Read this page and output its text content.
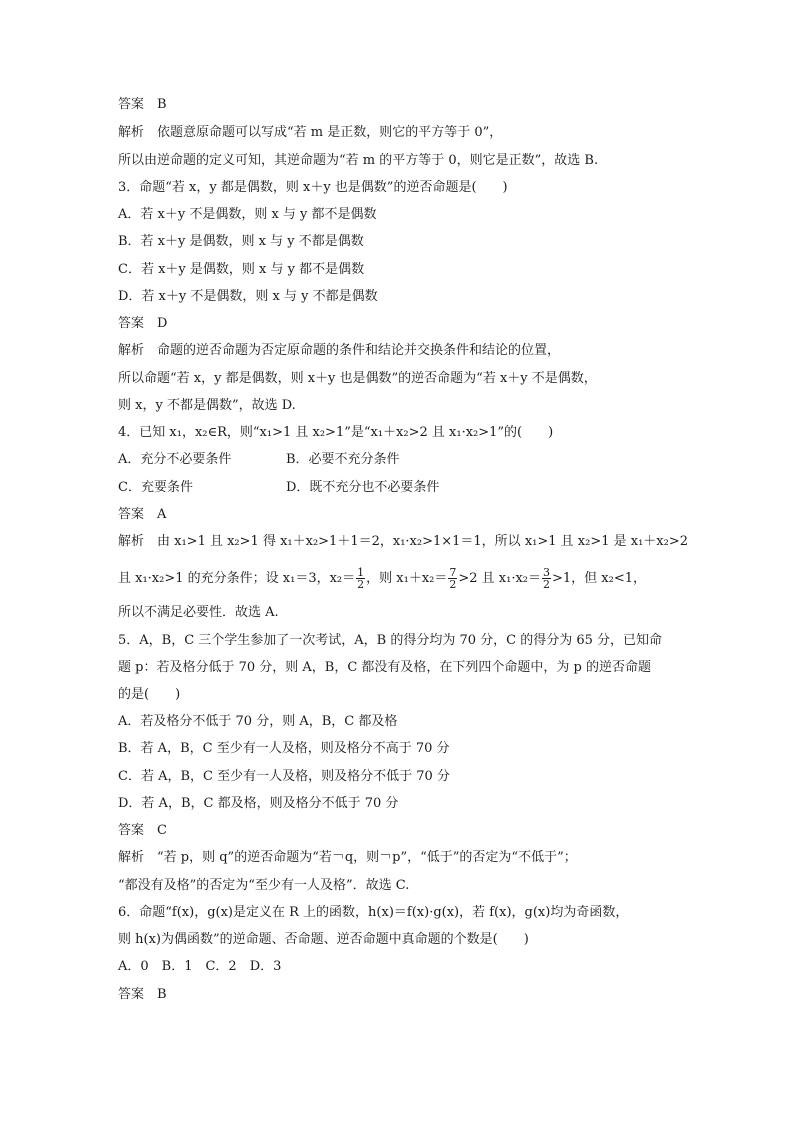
答案　B
解析　依题意原命题可以写成“若 m 是正数，则它的平方等于 0”，
所以由逆命题的定义可知，其逆命题为“若 m 的平方等于 0，则它是正数”，故选 B.
3．命题“若 x，y 都是偶数，则 x＋y 也是偶数”的逆否命题是(　　)
A．若 x＋y 不是偶数，则 x 与 y 都不是偶数
B．若 x＋y 是偶数，则 x 与 y 不都是偶数
C．若 x＋y 是偶数，则 x 与 y 都不是偶数
D．若 x＋y 不是偶数，则 x 与 y 不都是偶数
答案　D
解析　命题的逆否命题为否定原命题的条件和结论并交换条件和结论的位置，
所以命题“若 x，y 都是偶数，则 x＋y 也是偶数”的逆否命题为“若 x＋y 不是偶数，
则 x，y 不都是偶数”，故选 D.
4．已知 x₁，x₂∈R，则“x₁>1 且 x₂>1”是“x₁＋x₂>2 且 x₁·x₂>1”的(　　)
A．充分不必要条件	B．必要不充分条件
C．充要条件	D．既不充分也不必要条件
答案　A
解析　由 x₁>1 且 x₂>1 得 x₁＋x₂>1＋1＝2，x₁·x₂>1×1＝1，所以 x₁>1 且 x₂>1 是 x₁＋x₂>2
且 x₁·x₂>1 的充分条件；设 x₁＝3，$x_2= \frac{1}{2}$ ，则 $x_1+x_2= \frac{7}{2} >2$ 且 $x_1\cdot x_2= \frac{3}{2} >1$，但 x₂<1，
所以不满足必要性．故选 A.
5．A，B，C 三个学生参加了一次考试，A，B 的得分均为 70 分，C 的得分为 65 分，已知命
题 p：若及格分低于 70 分，则 A，B，C 都没有及格，在下列四个命题中，为 p 的逆否命题
的是(　　)
A．若及格分不低于 70 分，则 A，B，C 都及格
B．若 A，B，C 至少有一人及格，则及格分不高于 70 分
C．若 A，B，C 至少有一人及格，则及格分不低于 70 分
D．若 A，B，C 都及格，则及格分不低于 70 分
答案　C
解析　“若 p，则 q”的逆否命题为“若￢q，则￢p”，“低于”的否定为“不低于”；
“都没有及格”的否定为“至少有一人及格”．故选 C.
6．命题“f(x)，g(x)是定义在 R 上的函数，h(x)＝f(x)·g(x)，若 f(x)，g(x)均为奇函数，
则 h(x)为偶函数”的逆命题、否命题、逆否命题中真命题的个数是(　　)
A．0　B．1　C．2　D．3
答案　B
